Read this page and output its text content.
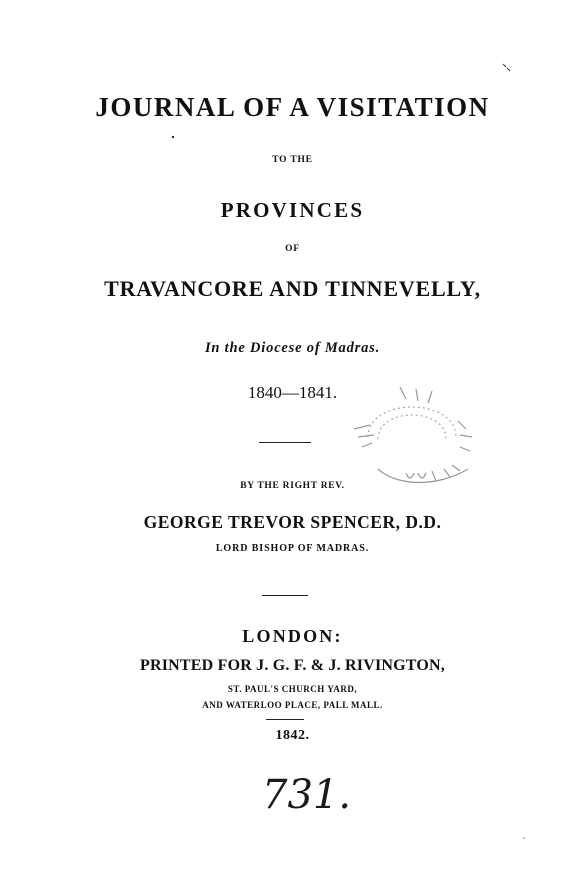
JOURNAL OF A VISITATION
TO THE
PROVINCES
OF
TRAVANCORE AND TINNEVELLY,
In the Diocese of Madras.
1840—1841.
BY THE RIGHT REV.
GEORGE TREVOR SPENCER, D.D.
LORD BISHOP OF MADRAS.
LONDON:
PRINTED FOR J. G. F. & J. RIVINGTON,
ST. PAUL'S CHURCH YARD,
AND WATERLOO PLACE, PALL MALL.
1842.
731.
